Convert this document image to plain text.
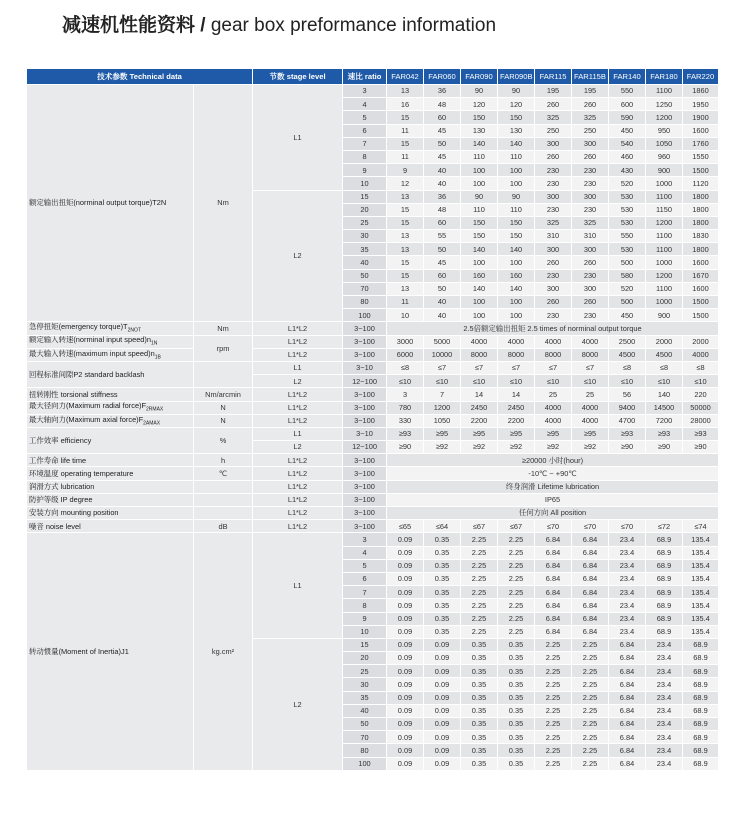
减速机性能资料 / gear box preformance information
技术参数 Technical data		节数 stage level	速比 ratio	FAR042	FAR060	FAR090	FAR090B	FAR115	FAR115B	FAR140	FAR180	FAR220
额定输出扭矩(norminal output torque)T2N	Nm	L1	3	13	36	90	90	195	195	550	1100	1860
			4	16	48	120	120	260	260	600	1250	1950
			5	15	60	150	150	325	325	590	1200	1900
			6	11	45	130	130	250	250	450	950	1600
			7	15	50	140	140	300	300	540	1050	1760
			8	11	45	110	110	260	260	460	960	1550
			9	9	40	100	100	230	230	430	900	1500
			10	12	40	100	100	230	230	520	1000	1120
		L2	15	13	36	90	90	300	300	530	1100	1800
			20	15	48	110	110	230	230	530	1150	1800
			25	15	60	150	150	325	325	530	1200	1800
			30	13	55	150	150	310	310	550	1100	1830
			35	13	50	140	140	300	300	530	1100	1800
			40	15	45	100	100	260	260	500	1000	1600
			50	15	60	160	160	230	230	580	1200	1670
			70	13	50	140	140	300	300	520	1100	1600
			80	11	40	100	100	260	260	500	1000	1500
			100	10	40	100	100	230	230	450	900	1500
急停扭矩(emergency $torque)T_{2NOT}$	Nm	L1*L2	3~100	2.5倍额定输出扭矩 2.5 times of norminal output torque								
额定输入转速(norminal input $speed)n_{1N}$	rpm	L1*L2	3~100	3000	5000	4000	4000	4000	4000	2500	2000	2000
最大输入转速(maximum input $speed)n_{1B}$		L1*L2	3~100	6000	10000	8000	8000	8000	8000	4500	4500	4000
回程标准间隙P2 standard backlash		L1	3~10	≤8	≤7	≤7	≤7	≤7	≤7	≤8	≤8	≤8
		L2	12~100	≤10	≤10	≤10	≤10	≤10	≤10	≤10	≤10	≤10
扭转刚性 torsional stiffness	Nm/arcmin	L1*L2	3~100	3	7	14	14	25	25	56	140	220
最大径向力(Maximum radial $force)F_{2RMAX}$	N	L1*L2	3~100	780	1200	2450	2450	4000	4000	9400	14500	50000
最大轴向力(Maximum axial $force)F_{2AMAX}$	N	L1*L2	3~100	330	1050	2200	2200	4000	4000	4700	7200	28000
工作效率 efficiency	%	L1	3~10	≥93	≥95	≥95	≥95	≥95	≥95	≥93	≥93	≥93
		L2	12~100	≥90	≥92	≥92	≥92	≥92	≥92	≥90	≥90	≥90
工作寿命 life time	h	L1*L2	3~100	≥20000 小时(hour)								
环境温度 operating temperature	℃	L1*L2	3~100	-10℃ ~ +90℃								
润滑方式 lubrication		L1*L2	3~100	终身润滑 Lifetime lubrication								
防护等级 IP degree		L1*L2	3~100	IP65								
安装方向 mounting position		L1*L2	3~100	任何方向 All position								
噪音 noise level	dB	L1*L2	3~100	≤65	≤64	≤67	≤67	≤70	≤70	≤70	≤72	≤74
转动惯量(Moment of Inertia)J1	kg.cm²	L1	3	0.09	0.35	2.25	2.25	6.84	6.84	23.4	68.9	135.4
			4	0.09	0.35	2.25	2.25	6.84	6.84	23.4	68.9	135.4
			5	0.09	0.35	2.25	2.25	6.84	6.84	23.4	68.9	135.4
			6	0.09	0.35	2.25	2.25	6.84	6.84	23.4	68.9	135.4
			7	0.09	0.35	2.25	2.25	6.84	6.84	23.4	68.9	135.4
			8	0.09	0.35	2.25	2.25	6.84	6.84	23.4	68.9	135.4
			9	0.09	0.35	2.25	2.25	6.84	6.84	23.4	68.9	135.4
			10	0.09	0.35	2.25	2.25	6.84	6.84	23.4	68.9	135.4
		L2	15	0.09	0.09	0.35	0.35	2.25	2.25	6.84	23.4	68.9
			20	0.09	0.09	0.35	0.35	2.25	2.25	6.84	23.4	68.9
			25	0.09	0.09	0.35	0.35	2.25	2.25	6.84	23.4	68.9
			30	0.09	0.09	0.35	0.35	2.25	2.25	6.84	23.4	68.9
			35	0.09	0.09	0.35	0.35	2.25	2.25	6.84	23.4	68.9
			40	0.09	0.09	0.35	0.35	2.25	2.25	6.84	23.4	68.9
			50	0.09	0.09	0.35	0.35	2.25	2.25	6.84	23.4	68.9
			70	0.09	0.09	0.35	0.35	2.25	2.25	6.84	23.4	68.9
			80	0.09	0.09	0.35	0.35	2.25	2.25	6.84	23.4	68.9
			100	0.09	0.09	0.35	0.35	2.25	2.25	6.84	23.4	68.9
